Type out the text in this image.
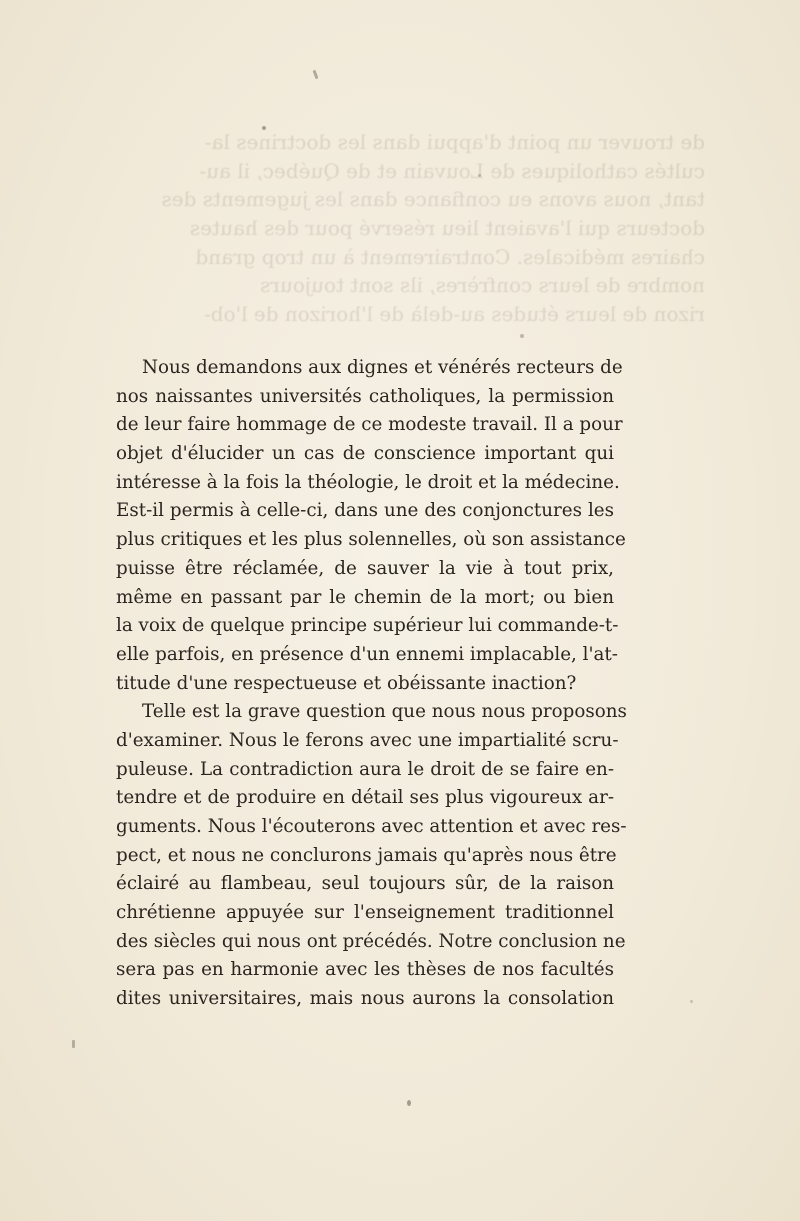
de trouver un point d'appui dans les doctrines la-
cultés catholiques de Louvain et de Québec, il au-
tant, nous avons eu confiance dans les jugements des
docteurs qui l'avaient lieu réservé pour des hautes
chaires médicales. Contrairement à un trop grand
nombre de leurs confrères, ils sont toujours
rizon de leurs études au-delà de l'horizon de l'ob-
Nous demandons aux dignes et vénérés recteurs de
nos naissantes universités catholiques, la permission
de leur faire hommage de ce modeste travail. Il a pour
objet d'élucider un cas de conscience important qui
intéresse à la fois la théologie, le droit et la médecine.
Est-il permis à celle-ci, dans une des conjonctures les
plus critiques et les plus solennelles, où son assistance
puisse être réclamée, de sauver la vie à tout prix,
même en passant par le chemin de la mort; ou bien
la voix de quelque principe supérieur lui commande-t-
elle parfois, en présence d'un ennemi implacable, l'at-
titude d'une respectueuse et obéissante inaction?
Telle est la grave question que nous nous proposons
d'examiner. Nous le ferons avec une impartialité scru-
puleuse. La contradiction aura le droit de se faire en-
tendre et de produire en détail ses plus vigoureux ar-
guments. Nous l'écouterons avec attention et avec res-
pect, et nous ne conclurons jamais qu'après nous être
éclairé au flambeau, seul toujours sûr, de la raison
chrétienne appuyée sur l'enseignement traditionnel
des siècles qui nous ont précédés. Notre conclusion ne
sera pas en harmonie avec les thèses de nos facultés
dites universitaires, mais nous aurons la consolation
